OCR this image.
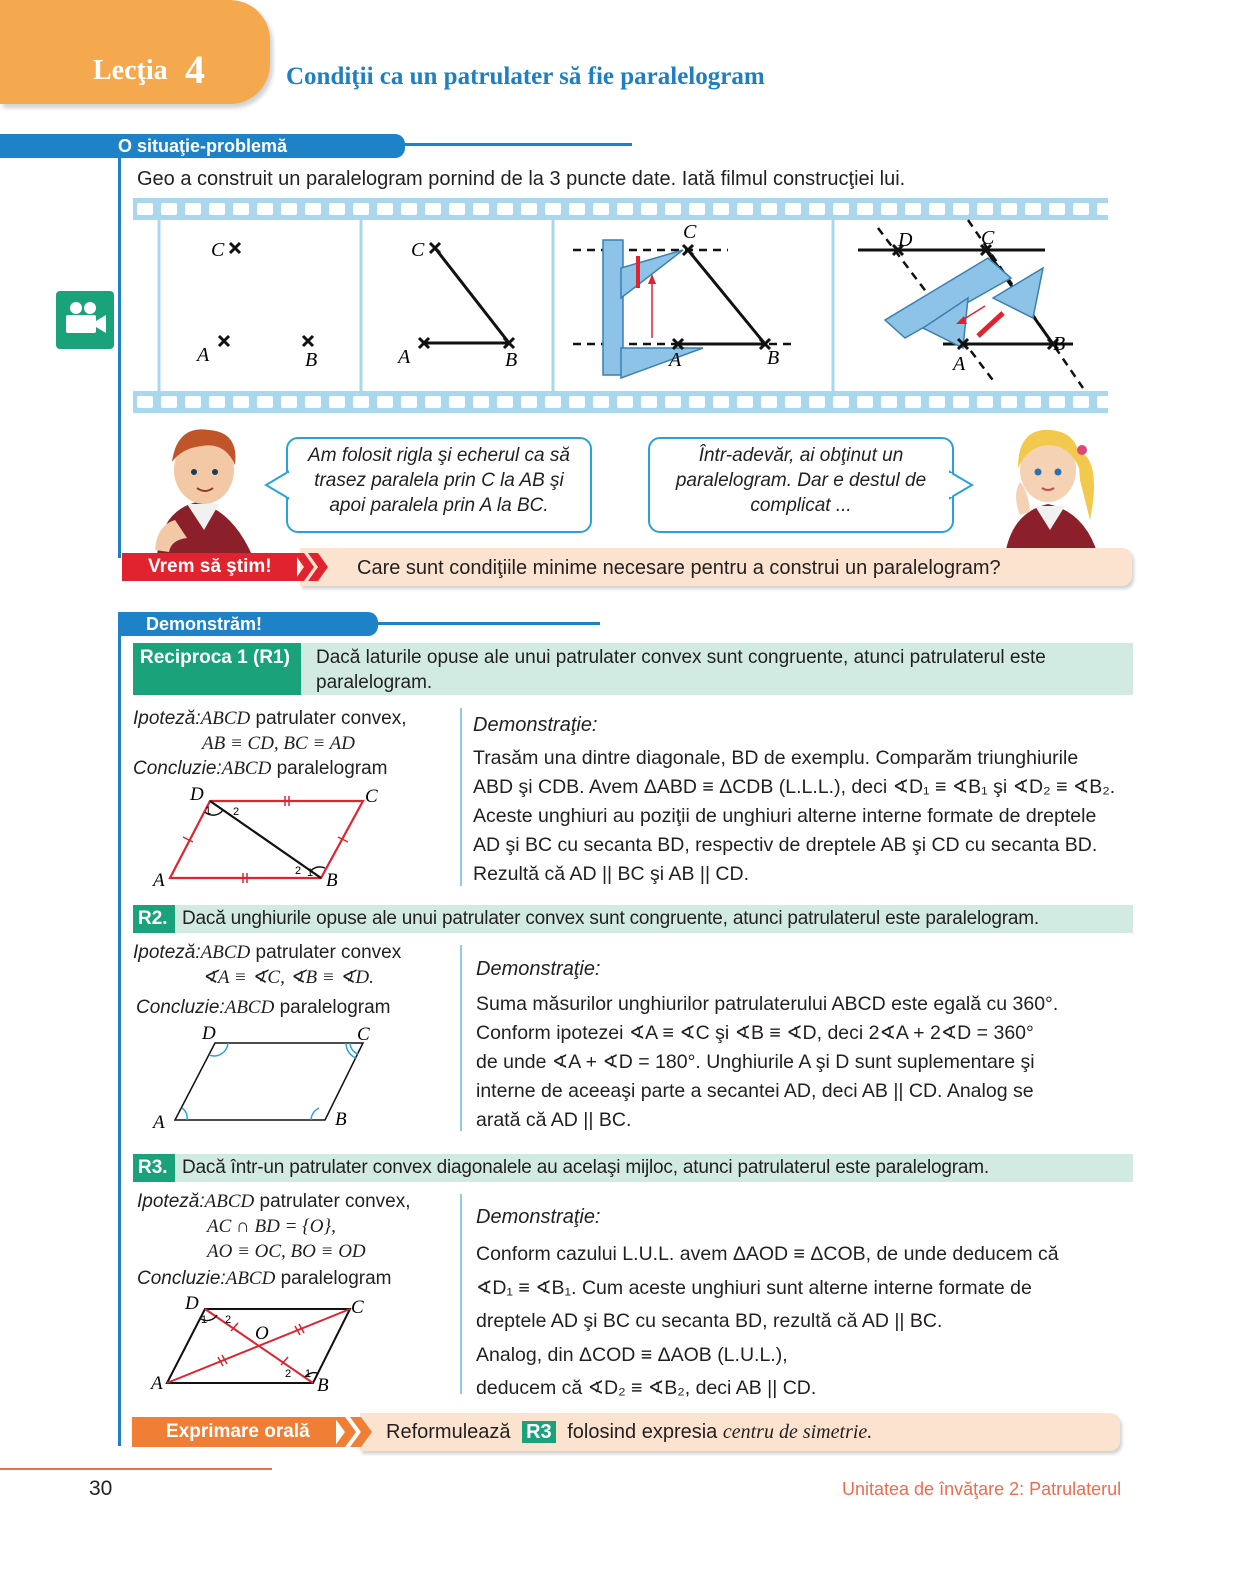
Lecţia 4	Condiţii ca un patrulater să fie paralelogram
O situaţie-problemă
Geo a construit un paralelogram pornind de la 3 puncte date. Iată filmul construcţiei lui.
C
A	B
C
A	B
C
A	B
D	C
A
B
Am folosit rigla şi echerul ca să trasez paralela prin C la AB şi apoi paralela prin A la BC.
Într-adevăr, ai obţinut un paralelogram. Dar e destul de complicat ...
Vrem să ştim!	Care sunt condiţiile minime necesare pentru a construi un paralelogram?
Demonstrăm!
Reciproca 1 (R1)	Dacă laturile opuse ale unui patrulater convex sunt congruente, atunci patrulaterul este paralelogram.
Ipoteză:ABCD patrulater convex,
AB ≡ CD, BC ≡ AD
Concluzie:ABCD paralelogram
A	B
C
D
1 2
2 1
Demonstraţie:
Trasăm una dintre diagonale, BD de exemplu. Comparăm triunghiurile
ABD şi CDB. Avem ΔABD ≡ ΔCDB (L.L.L.), deci ∢D₁ ≡ ∢B₁ şi ∢D₂ ≡ ∢B₂.
Aceste unghiuri au poziţii de unghiuri alterne interne formate de dreptele
AD şi BC cu secanta BD, respectiv de dreptele AB şi CD cu secanta BD.
Rezultă că AD || BC şi AB || CD.
R2. Dacă unghiurile opuse ale unui patrulater convex sunt congruente, atunci patrulaterul este paralelogram.
Ipoteză:ABCD patrulater convex
∢A ≡ ∢C, ∢B ≡ ∢D.
Concluzie:ABCD paralelogram
A	B
C
D
Demonstraţie:
Suma măsurilor unghiurilor patrulaterului ABCD este egală cu 360°.
Conform ipotezei ∢A ≡ ∢C şi ∢B ≡ ∢D, deci 2∢A + 2∢D = 360°
de unde ∢A + ∢D = 180°. Unghiurile A şi D sunt suplementare şi
interne de aceeaşi parte a secantei AD, deci AB || CD. Analog se
arată că AD || BC.
R3. Dacă într-un patrulater convex diagonalele au acelaşi mijloc, atunci patrulaterul este paralelogram.
Ipoteză:ABCD patrulater convex,
AC ∩ BD = {O},
AO ≡ OC, BO ≡ OD
Concluzie:ABCD paralelogram
A	B
C
D
O
1 2
2 1
Demonstraţie:
Conform cazului L.U.L. avem ΔAOD ≡ ΔCOB, de unde deducem că
∢D₁ ≡ ∢B₁. Cum aceste unghiuri sunt alterne interne formate de
dreptele AD şi BC cu secanta BD, rezultă că AD || BC.
Analog, din ΔCOD ≡ ΔAOB (L.U.L.),
deducem că ∢D₂ ≡ ∢B₂, deci AB || CD.
Exprimare orală	Reformulează R3 folosind expresia centru de simetrie.
30	Unitatea de învăţare 2: Patrulaterul
